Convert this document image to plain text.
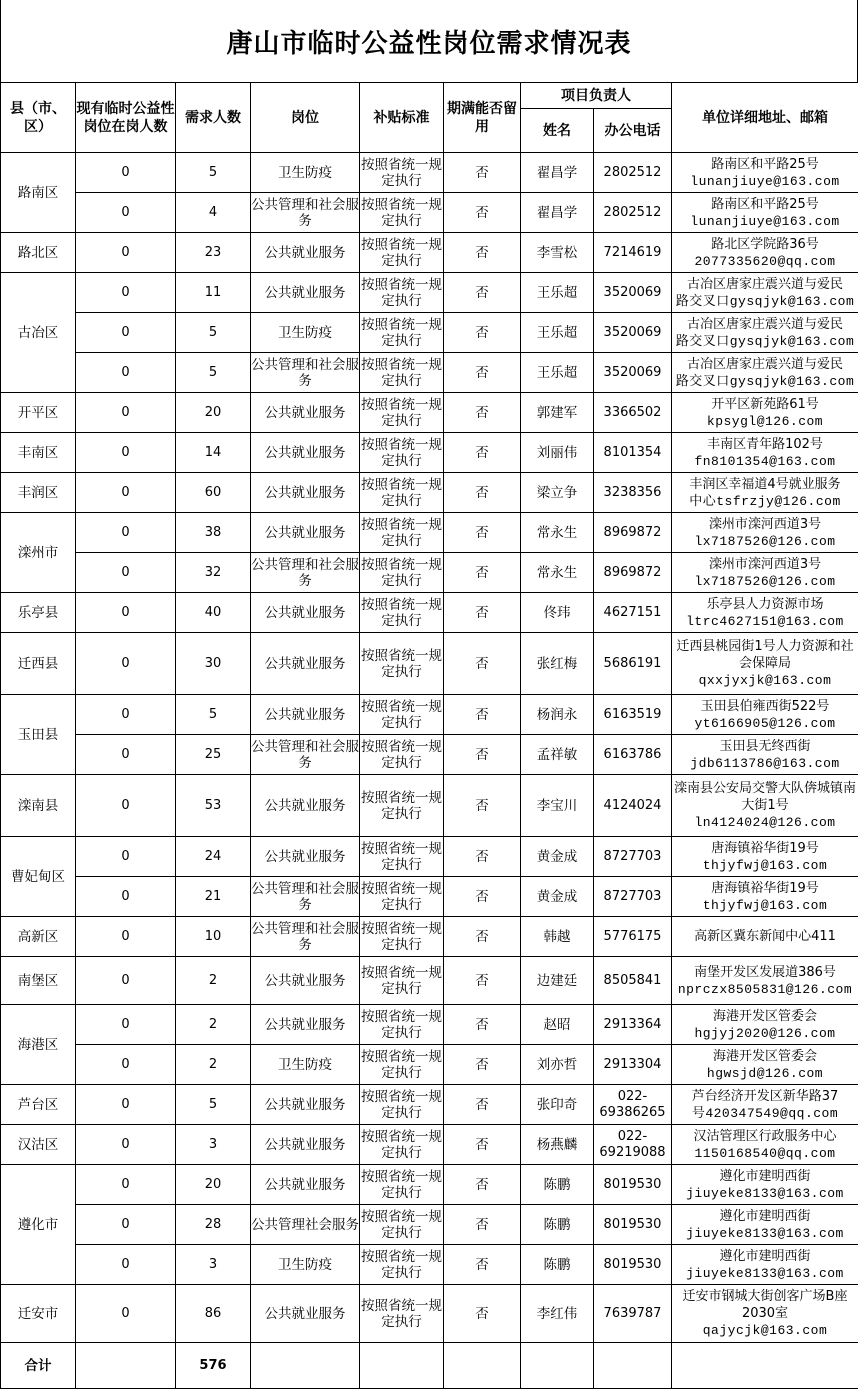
唐山市临时公益性岗位需求情况表
县（市、区）	现有临时公益性岗位在岗人数	需求人数	岗位	补贴标准	期满能否留用	项目负责人		单位详细地址、邮箱
						姓名	办公电话	
路南区	0	5	卫生防疫	按照省统一规定执行	否	翟昌学	2802512	路南区和平路25号
lunanjiuye@163.com

	0	4	公共管理和社会服务	按照省统一规定执行	否	翟昌学	2802512	路南区和平路25号
lunanjiuye@163.com

路北区	0	23	公共就业服务	按照省统一规定执行	否	李雪松	7214619	路北区学院路36号
2077335620@qq.com

古冶区	0	11	公共就业服务	按照省统一规定执行	否	王乐超	3520069	古冶区唐家庄震兴道与爱民
路交叉口gysqjyk@163.com

	0	5	卫生防疫	按照省统一规定执行	否	王乐超	3520069	古冶区唐家庄震兴道与爱民
路交叉口gysqjyk@163.com

	0	5	公共管理和社会服务	按照省统一规定执行	否	王乐超	3520069	古冶区唐家庄震兴道与爱民
路交叉口gysqjyk@163.com

开平区	0	20	公共就业服务	按照省统一规定执行	否	郭建军	3366502	开平区新苑路61号
kpsygl@126.com

丰南区	0	14	公共就业服务	按照省统一规定执行	否	刘丽伟	8101354	丰南区青年路102号
fn8101354@163.com

丰润区	0	60	公共就业服务	按照省统一规定执行	否	梁立争	3238356	丰润区幸福道4号就业服务
中心tsfrzjy@126.com

滦州市	0	38	公共就业服务	按照省统一规定执行	否	常永生	8969872	滦州市滦河西道3号
lx7187526@126.com

	0	32	公共管理和社会服务	按照省统一规定执行	否	常永生	8969872	滦州市滦河西道3号
lx7187526@126.com

乐亭县	0	40	公共就业服务	按照省统一规定执行	否	佟玮	4627151	乐亭县人力资源市场
ltrc4627151@163.com

迁西县	0	30	公共就业服务	按照省统一规定执行	否	张红梅	5686191	迁西县桃园街1号人力资源和社会保障局
qxxjyxjk@163.com

玉田县	0	5	公共就业服务	按照省统一规定执行	否	杨润永	6163519	玉田县伯雍西街522号
yt6166905@126.com

	0	25	公共管理和社会服务	按照省统一规定执行	否	孟祥敏	6163786	玉田县无终西街
jdb6113786@163.com

滦南县	0	53	公共就业服务	按照省统一规定执行	否	李宝川	4124024	滦南县公安局交警大队倴城镇南大街1号
ln4124024@126.com

曹妃甸区	0	24	公共就业服务	按照省统一规定执行	否	黄金成	8727703	唐海镇裕华街19号
thjyfwj@163.com

	0	21	公共管理和社会服务	按照省统一规定执行	否	黄金成	8727703	唐海镇裕华街19号
thjyfwj@163.com

高新区	0	10	公共管理和社会服务	按照省统一规定执行	否	韩越	5776175	高新区冀东新闻中心411

南堡区	0	2	公共就业服务	按照省统一规定执行	否	边建廷	8505841	南堡开发区发展道386号
nprczx8505831@126.com

海港区	0	2	公共就业服务	按照省统一规定执行	否	赵昭	2913364	海港开发区管委会
hgjyj2020@126.com

	0	2	卫生防疫	按照省统一规定执行	否	刘亦哲	2913304	海港开发区管委会
hgwsjd@126.com

芦台区	0	5	公共就业服务	按照省统一规定执行	否	张印奇	022-69386265	芦台经济开发区新华路37
号420347549@qq.com

汉沽区	0	3	公共就业服务	按照省统一规定执行	否	杨燕麟	022-69219088	汉沽管理区行政服务中心
1150168540@qq.com

遵化市	0	20	公共就业服务	按照省统一规定执行	否	陈鹏	8019530	遵化市建明西街
jiuyeke8133@163.com

	0	28	公共管理社会服务	按照省统一规定执行	否	陈鹏	8019530	遵化市建明西街
jiuyeke8133@163.com

	0	3	卫生防疫	按照省统一规定执行	否	陈鹏	8019530	遵化市建明西街
jiuyeke8133@163.com

迁安市	0	86	公共就业服务	按照省统一规定执行	否	李红伟	7639787	迁安市钢城大街创客广场B座2030室
qajycjk@163.com

合计		576						
